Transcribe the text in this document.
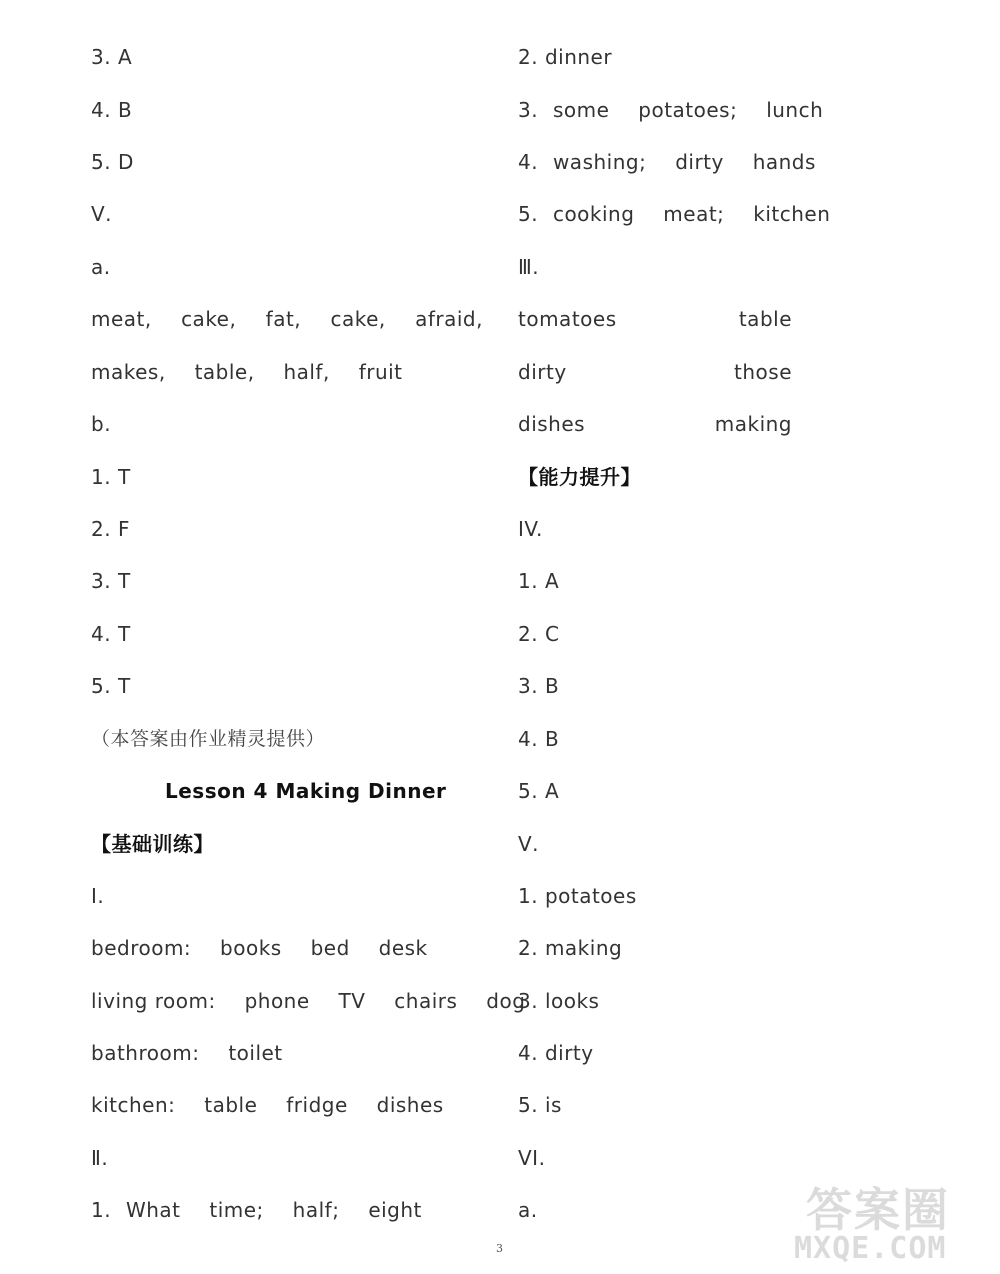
3. A
4. B
5. D
Ⅴ.
a.
meat, cake, fat, cake, afraid,
makes, table, half, fruit
b.
1. T
2. F
3. T
4. T
5. T
（本答案由作业精灵提供）
Lesson 4 Making Dinner
【基础训练】
Ⅰ.
bedroom: books bed desk
living room: phone TV chairs dog
bathroom: toilet
kitchen: table fridge dishes
Ⅱ.
1. What time; half; eight
2. dinner
3. some potatoes; lunch
4. washing; dirty hands
5. cooking meat; kitchen
Ⅲ.
tomatoes	table
dirty	those
dishes	making
【能力提升】
IV.
1. A
2. C
3. B
4. B
5. A
Ⅴ.
1. potatoes
2. making
3. looks
4. dirty
5. is
VI.
a.
3
答案圈
MXQE.COM
